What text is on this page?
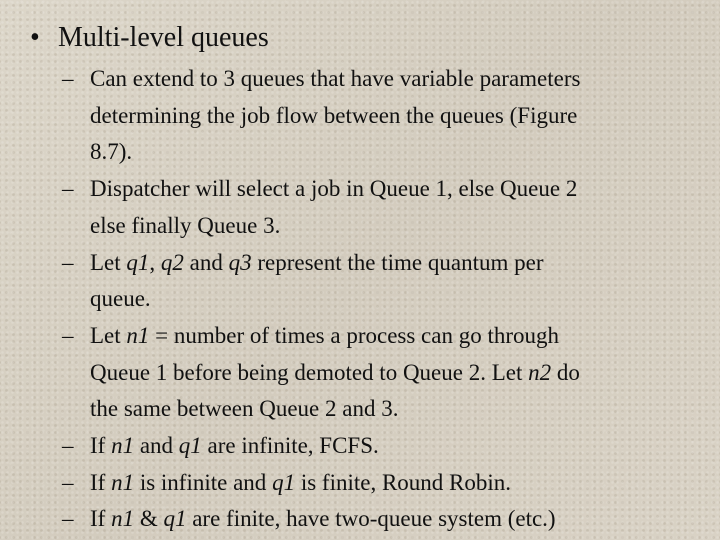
• Multi-level queues
– Can extend to 3 queues that have variable parameters
determining the job flow between the queues (Figure
8.7).
– Dispatcher will select a job in Queue 1, else Queue 2
else finally Queue 3.
– Let q1, q2 and q3 represent the time quantum per
queue.
– Let n1 = number of times a process can go through
Queue 1 before being demoted to Queue 2. Let n2 do
the same between Queue 2 and 3.
– If n1 and q1 are infinite, FCFS.
– If n1 is infinite and q1 is finite, Round Robin.
– If n1 & q1 are finite, have two-queue system (etc.)
